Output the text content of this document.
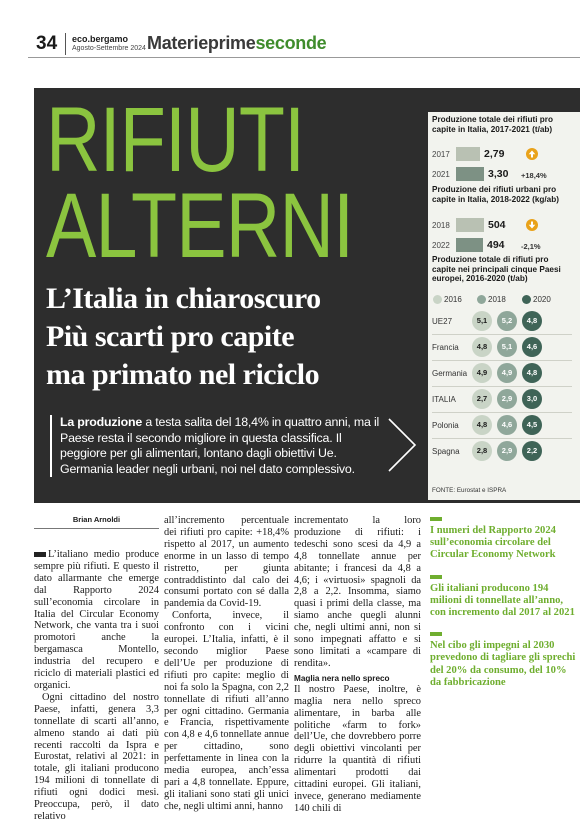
34 eco.bergamo
Agosto-Settembre 2024 Materieprimeseconde
RIFIUTI
ALTERNI
L’Italia in chiaroscuro
Più scarti pro capite
ma primato nel riciclo
La produzione a testa salita del 18,4% in quattro anni, ma il Paese resta il secondo migliore in questa classifica. Il peggiore per gli alimentari, lontano dagli obiettivi Ue. Germania leader negli urbani, noi nel dato complessivo.
Produzione totale dei rifiuti pro capite in Italia, 2017-2021 (t/ab)
2017	2,79
2021	3,30 +18,4%
Produzione dei rifiuti urbani pro capite in Italia, 2018-2022 (kg/ab)
2018	504
2022	494 -2,1%
Produzione totale di rifiuti pro capite nei principali cinque Paesi europei, 2016-2020 (t/ab)
2016	2018	2020
UE27	5,1	5,2	4,8
Francia	4,8	5,1	4,6
Germania	4,9	4,9	4,8
ITALIA	2,7	2,9	3,0
Polonia	4,8	4,6	4,5
Spagna	2,8	2,9	2,2
FONTE: Eurostat e ISPRA
Brian Arnoldi

L’italiano medio produce sempre più rifiuti. E questo il dato allarmante che emerge dal Rapporto 2024 sull’economia circolare in Italia del Circular Economy Network, che vanta tra i suoi promotori anche la bergamasca Montello, industria del recupero e riciclo di materiali plastici ed organici.

Ogni cittadino del nostro Paese, infatti, genera 3,3 tonnellate di scarti all’anno, almeno stando ai dati più recenti raccolti da Ispra e Eurostat, relativi al 2021: in totale, gli italiani producono 194 milioni di tonnellate di rifiuti ogni dodici mesi. Preoccupa, però, il dato relativo

all’incremento percentuale dei rifiuti pro capite: +18,4% rispetto al 2017, un aumento enorme in un lasso di tempo ristretto, per giunta contraddistinto dal calo dei consumi portato con sé dalla pandemia da Covid-19.

Conforta, invece, il confronto con i vicini europei. L’Italia, infatti, è il secondo miglior Paese dell’Ue per produzione di rifiuti pro capite: meglio di noi fa solo la Spagna, con 2,2 tonnellate di rifiuti all’anno per ogni cittadino. Germania e Francia, rispettivamente con 4,8 e 4,6 tonnellate annue per cittadino, sono perfettamente in linea con la media europea, anch’essa pari a 4,8 tonnellate. Eppure, gli italiani sono stati gli unici che, negli ultimi anni, hanno

incrementato la loro produzione di rifiuti: i tedeschi sono scesi da 4,9 a 4,8 tonnellate annue per abitante; i francesi da 4,8 a 4,6; i «virtuosi» spagnoli da 2,8 a 2,2. Insomma, siamo quasi i primi della classe, ma siamo anche quegli alunni che, negli ultimi anni, non si sono impegnati affatto e si sono limitati a «campare di rendita».

Maglia nera nello spreco

Il nostro Paese, inoltre, è maglia nera nello spreco alimentare, in barba alle politiche «farm to fork» dell’Ue, che dovrebbero porre degli obiettivi vincolanti per ridurre la quantità di rifiuti alimentari prodotti dai cittadini europei. Gli italiani, invece, generano mediamente 140 chili di

I numeri del Rapporto 2024 sull’economia circolare del Circular Economy Network
Gli italiani producono 194 milioni di tonnellate all’anno, con incremento dal 2017 al 2021
Nel cibo gli impegni al 2030 prevedono di tagliare gli sprechi del 20% da consumo, del 10% da fabbricazione
